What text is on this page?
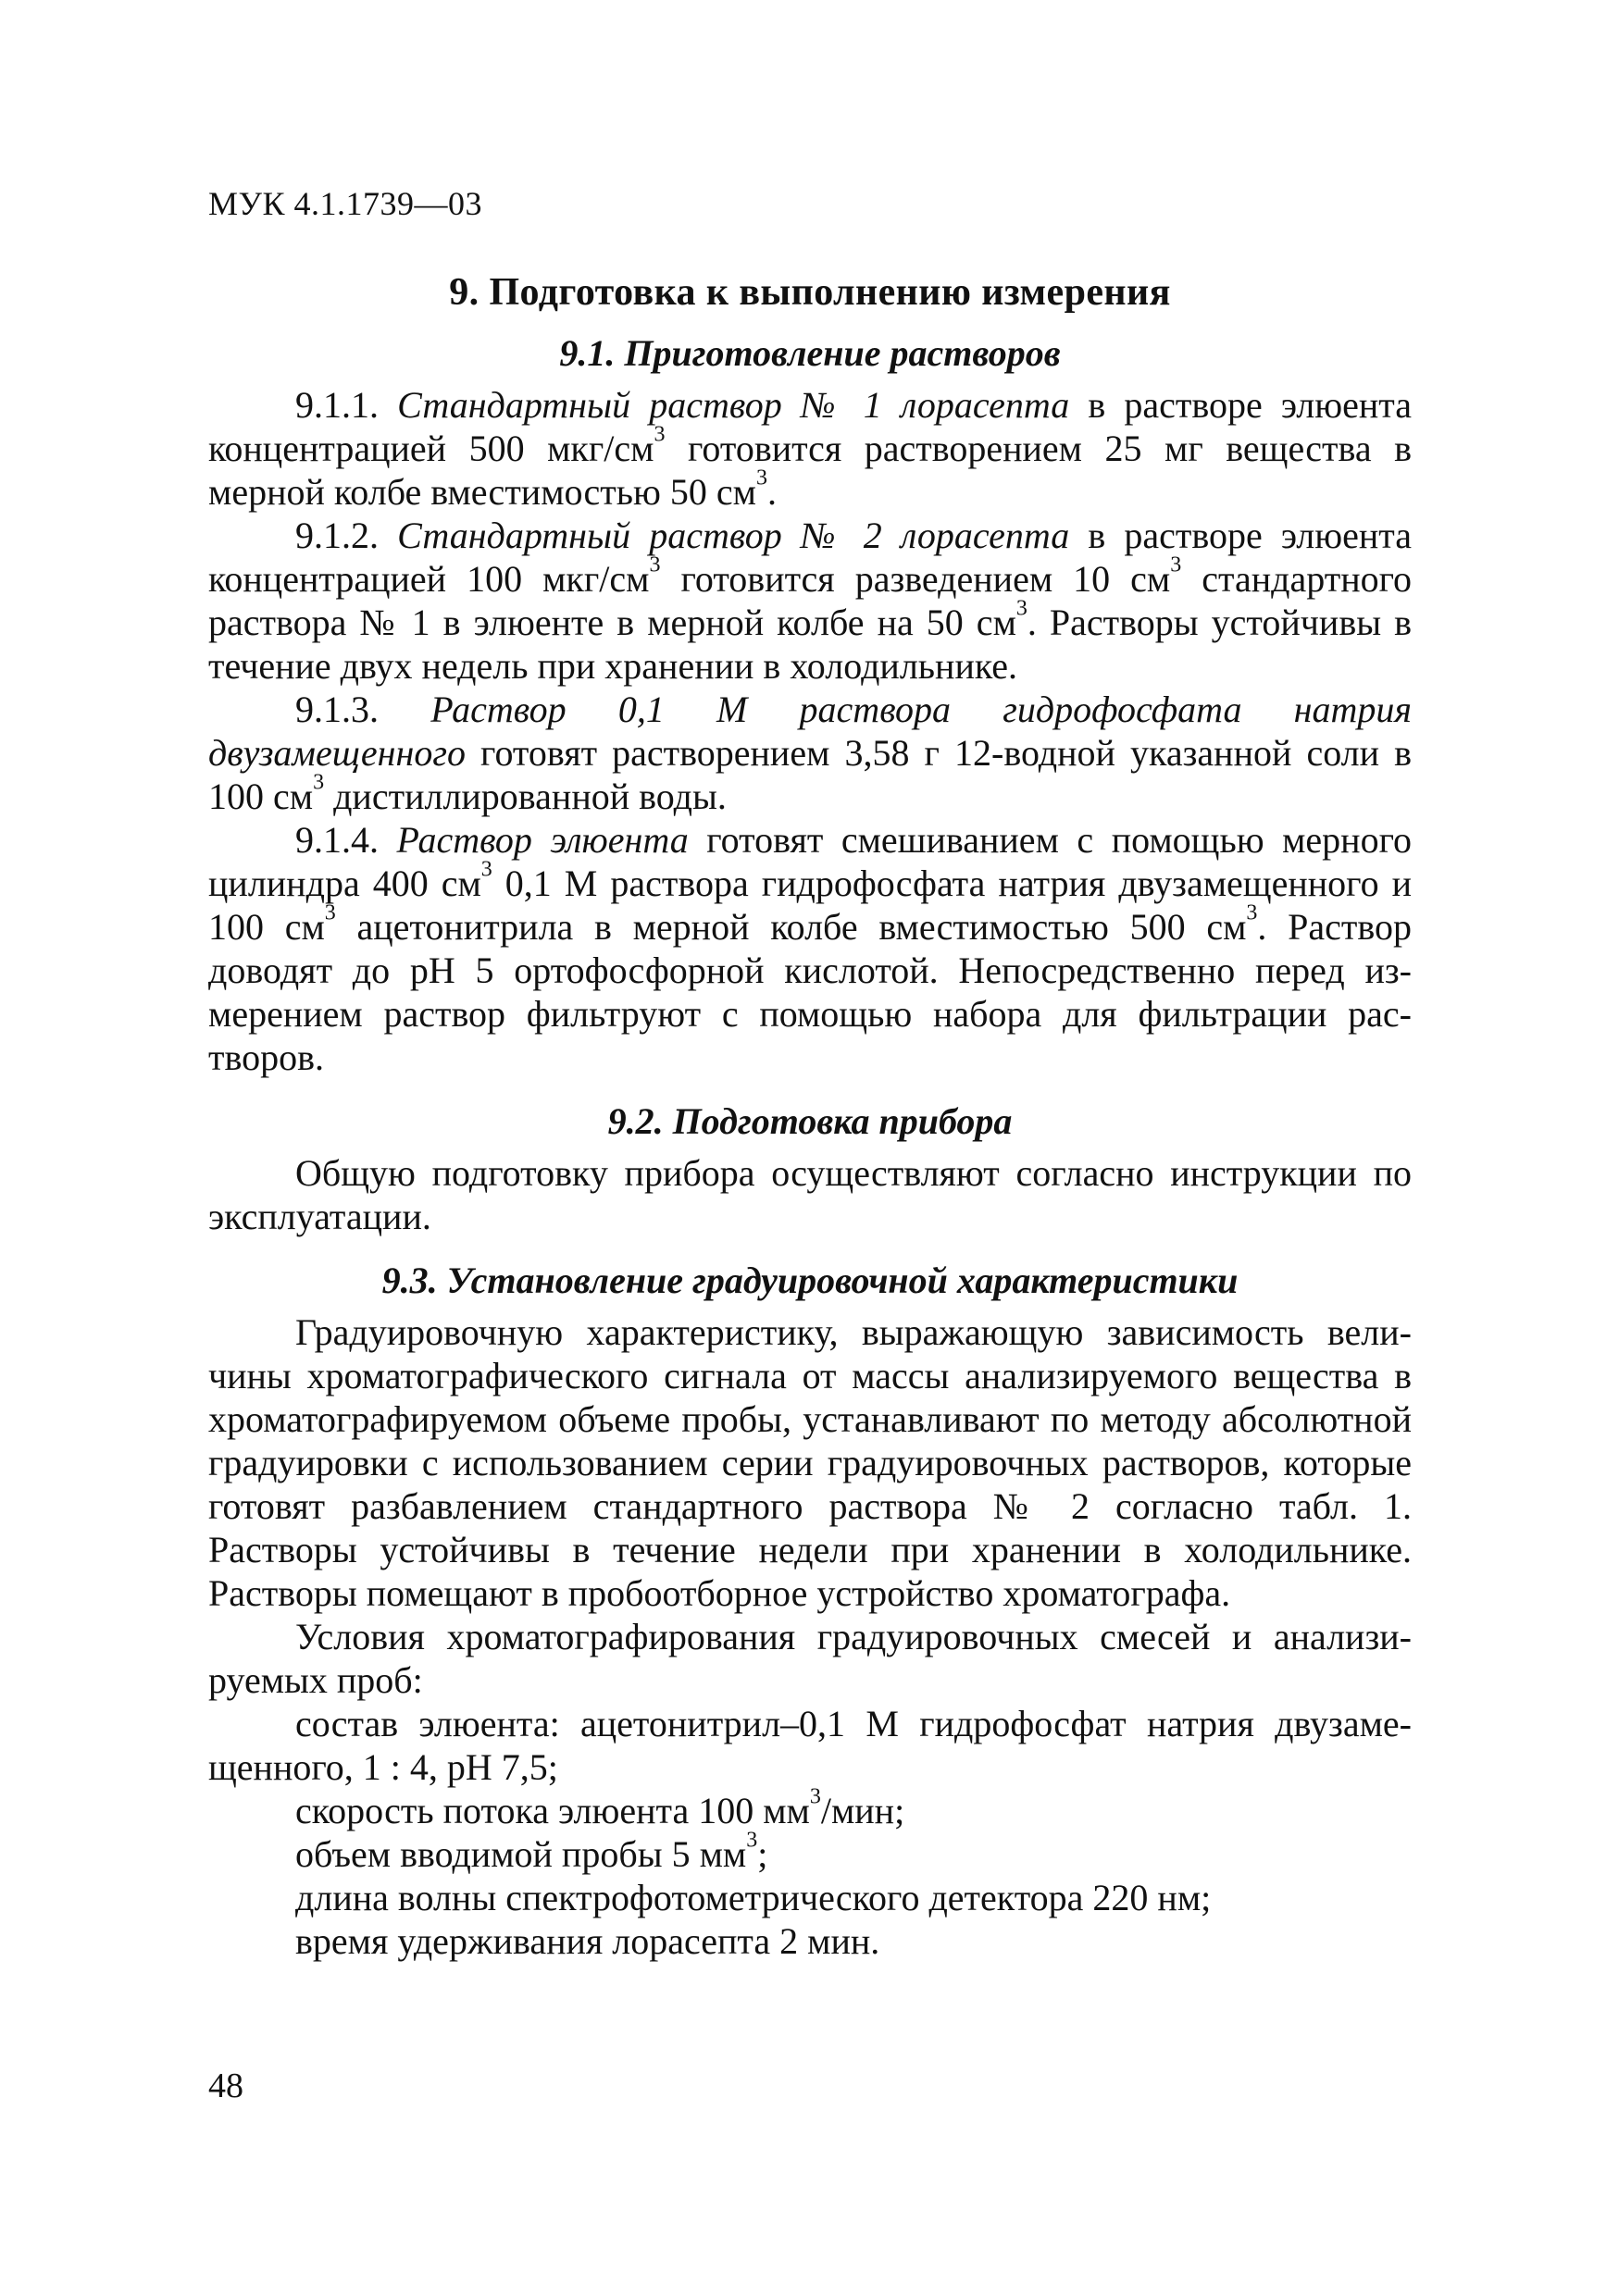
МУК 4.1.1739—03
9. Подготовка к выполнению измерения
9.1. Приготовление растворов

9.1.1. Стандартный раствор № 1 лорасепта в растворе элюента концентрацией 500 мкг/$см^3$ готовится растворением 25 мг вещества в мерной колбе вместимостью 50 $см^3$.

9.1.2. Стандартный раствор № 2 лорасепта в растворе элюента концентрацией 100 мкг/$см^3$ готовится разведением 10 $см^3$ стандартного раствора № 1 в элюенте в мерной колбе на 50 $см^3$. Растворы устойчивы в течение двух недель при хранении в холодильнике.

9.1.3. Раствор 0,1 М раствора гидрофосфата натрия двузамещенного готовят растворением 3,58 г 12-водной указанной соли в 100 $см^3$ дистиллированной воды.

9.1.4. Раствор элюента готовят смешиванием с помощью мерного цилиндра 400 $см^3$ 0,1 М раствора гидрофосфата натрия двузамещенного и 100 $см^3$ ацетонитрила в мерной колбе вместимостью 500 $см^3$. Раствор доводят до рН 5 ортофосфорной кислотой. Непосредственно перед измерением раствор фильтруют с помощью набора для фильтрации растворов.

9.2. Подготовка прибора

Общую подготовку прибора осуществляют согласно инструкции по эксплуатации.

9.3. Установление градуировочной характеристики

Градуировочную характеристику, выражающую зависимость величины хроматографического сигнала от массы анализируемого вещества в хроматографируемом объеме пробы, устанавливают по методу абсолютной градуировки с использованием серии градуировочных растворов, которые готовят разбавлением стандартного раствора № 2 согласно табл. 1. Растворы устойчивы в течение недели при хранении в холодильнике. Растворы помещают в пробоотборное устройство хроматографа.

Условия хроматографирования градуировочных смесей и анализируемых проб:

состав элюента: ацетонитрил–0,1 М гидрофосфат натрия двузамещенного, 1 : 4, рН 7,5;

скорость потока элюента 100 $мм^3$/мин;

объем вводимой пробы 5 $мм^3$;

длина волны спектрофотометрического детектора 220 нм;

время удерживания лорасепта 2 мин.

48
